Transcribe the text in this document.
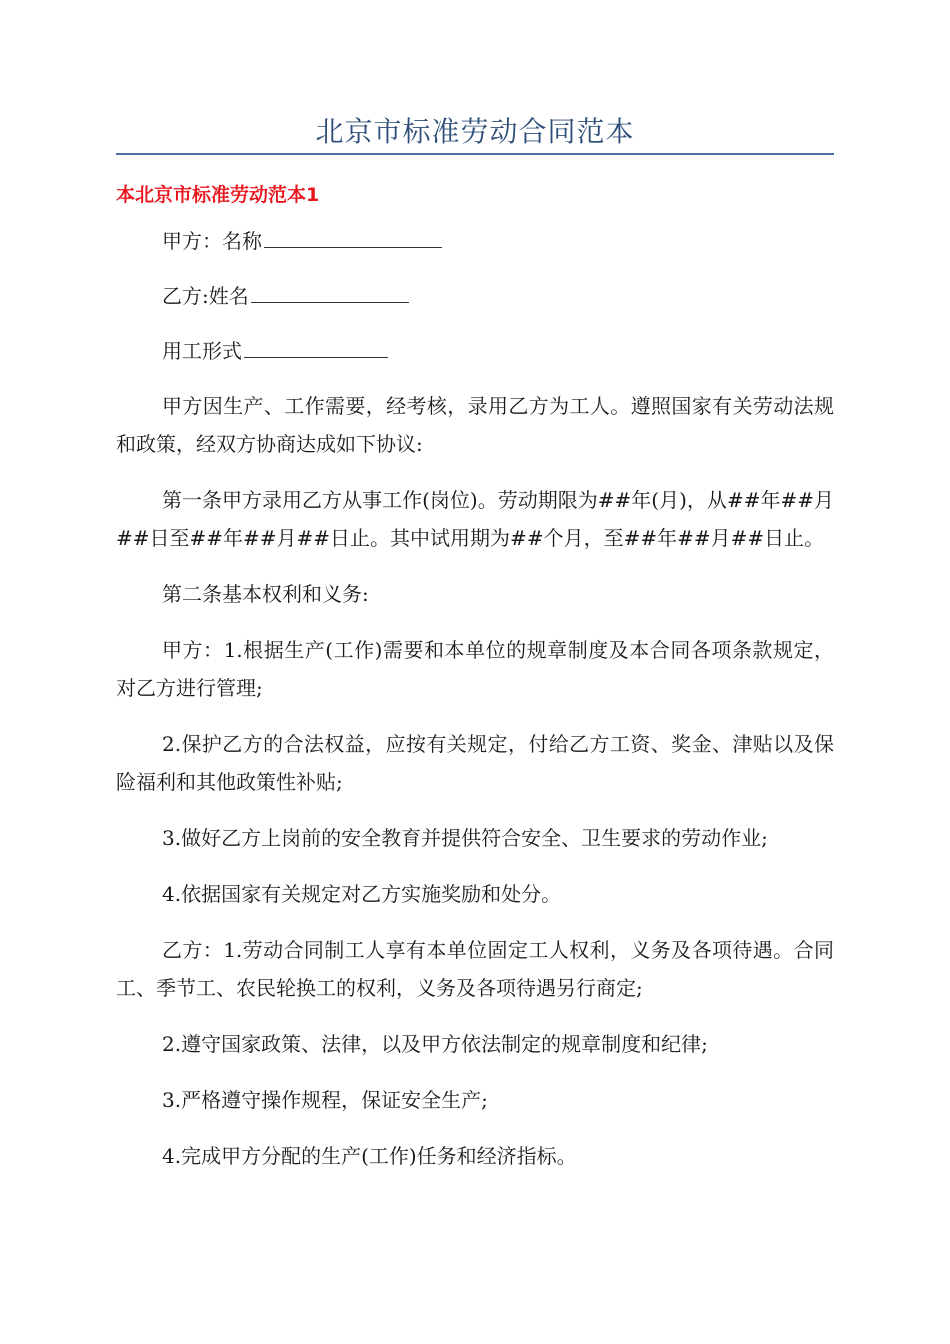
北京市标准劳动合同范本
本北京市标准劳动范本1
甲方：名称
乙方:姓名
用工形式

甲方因生产、工作需要，经考核，录用乙方为工人。遵照国家有关劳动法规和政策，经双方协商达成如下协议:

第一条甲方录用乙方从事工作(岗位)。劳动期限为##年(月)，从##年##月##日至##年##月##日止。其中试用期为##个月，至##年##月##日止。

第二条基本权利和义务:

甲方：1.根据生产(工作)需要和本单位的规章制度及本合同各项条款规定，对乙方进行管理;

2.保护乙方的合法权益，应按有关规定，付给乙方工资、奖金、津贴以及保险福利和其他政策性补贴;

3.做好乙方上岗前的安全教育并提供符合安全、卫生要求的劳动作业;

4.依据国家有关规定对乙方实施奖励和处分。

乙方：1.劳动合同制工人享有本单位固定工人权利，义务及各项待遇。合同工、季节工、农民轮换工的权利，义务及各项待遇另行商定;

2.遵守国家政策、法律，以及甲方依法制定的规章制度和纪律;

3.严格遵守操作规程，保证安全生产;

4.完成甲方分配的生产(工作)任务和经济指标。
